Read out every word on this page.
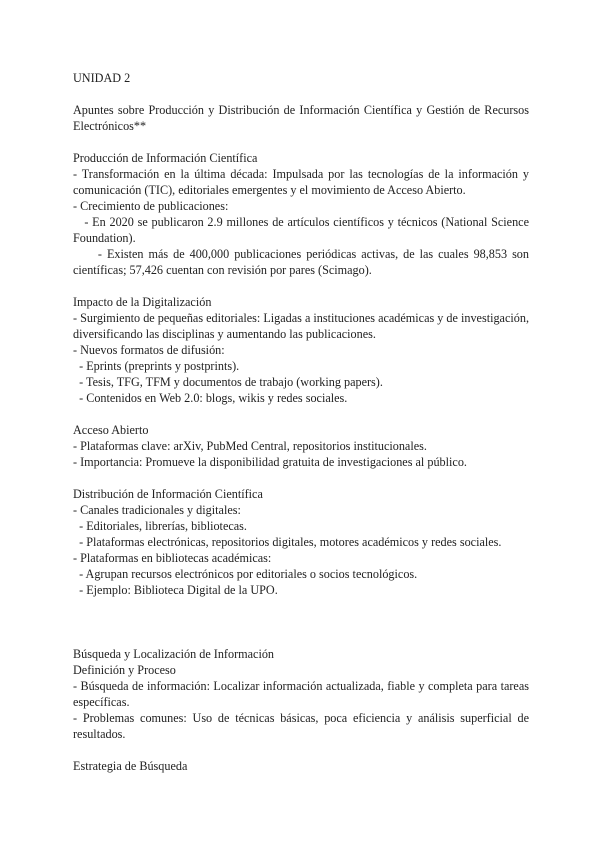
UNIDAD 2
Apuntes sobre Producción y Distribución de Información Científica y Gestión de Recursos Electrónicos**
Producción de Información Científica
- Transformación en la última década: Impulsada por las tecnologías de la información y comunicación (TIC), editoriales emergentes y el movimiento de Acceso Abierto.
- Crecimiento de publicaciones:
- En 2020 se publicaron 2.9 millones de artículos científicos y técnicos (National Science Foundation).
- Existen más de 400,000 publicaciones periódicas activas, de las cuales 98,853 son científicas; 57,426 cuentan con revisión por pares (Scimago).
Impacto de la Digitalización
- Surgimiento de pequeñas editoriales: Ligadas a instituciones académicas y de investigación, diversificando las disciplinas y aumentando las publicaciones.
- Nuevos formatos de difusión:
- Eprints (preprints y postprints).
- Tesis, TFG, TFM y documentos de trabajo (working papers).
- Contenidos en Web 2.0: blogs, wikis y redes sociales.
Acceso Abierto
- Plataformas clave: arXiv, PubMed Central, repositorios institucionales.
- Importancia: Promueve la disponibilidad gratuita de investigaciones al público.
Distribución de Información Científica
- Canales tradicionales y digitales:
- Editoriales, librerías, bibliotecas.
- Plataformas electrónicas, repositorios digitales, motores académicos y redes sociales.
- Plataformas en bibliotecas académicas:
- Agrupan recursos electrónicos por editoriales o socios tecnológicos.
- Ejemplo: Biblioteca Digital de la UPO.
Búsqueda y Localización de Información
Definición y Proceso
- Búsqueda de información: Localizar información actualizada, fiable y completa para tareas específicas.
- Problemas comunes: Uso de técnicas básicas, poca eficiencia y análisis superficial de resultados.
Estrategia de Búsqueda
